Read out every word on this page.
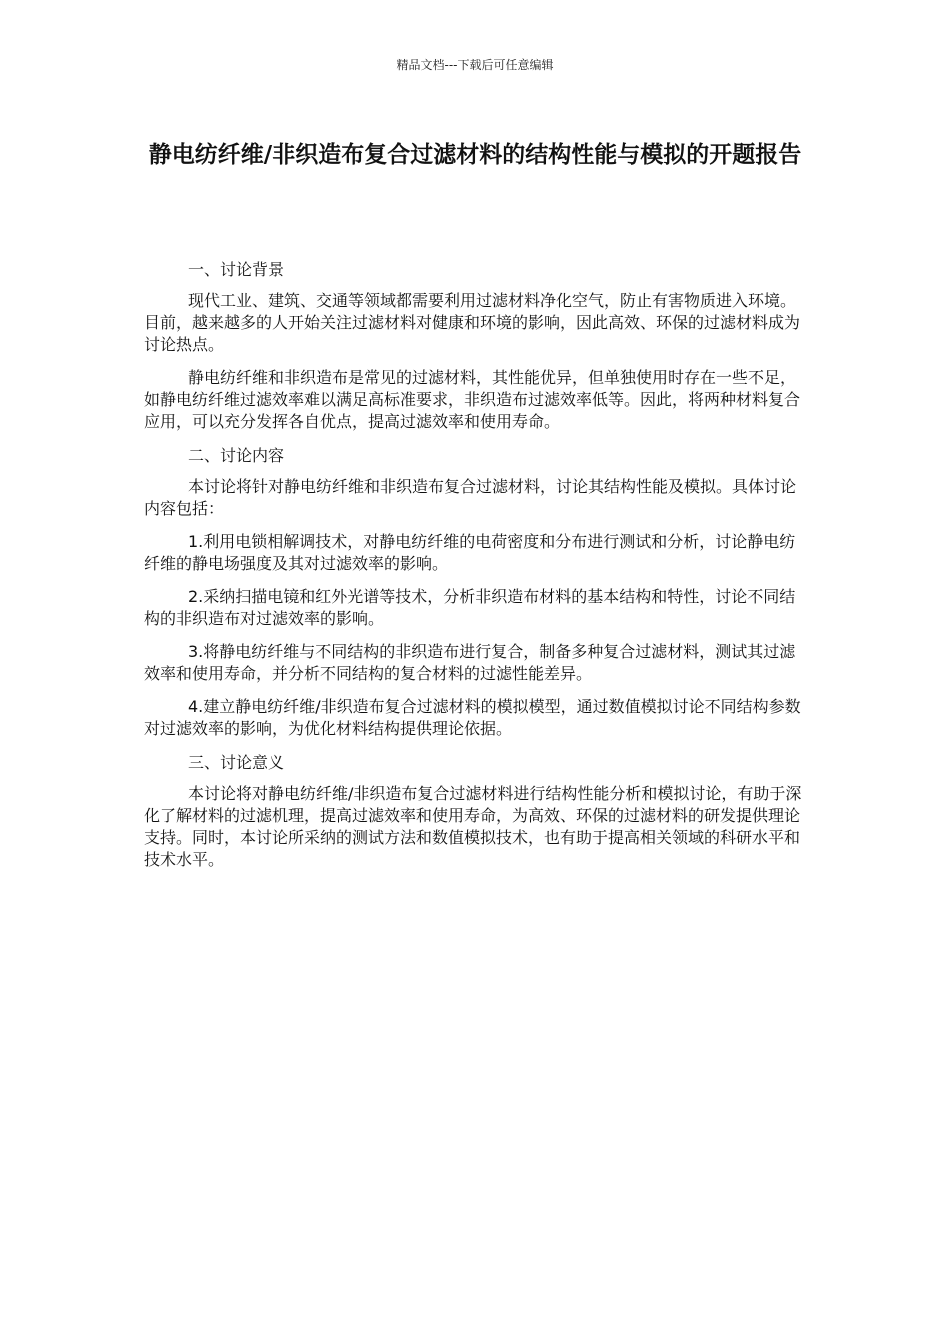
精品文档---下载后可任意编辑
静电纺纤维/非织造布复合过滤材料的结构性能与模拟的开题报告

一、讨论背景

现代工业、建筑、交通等领域都需要利用过滤材料净化空气，防止有害物质进入环境。目前，越来越多的人开始关注过滤材料对健康和环境的影响，因此高效、环保的过滤材料成为讨论热点。

静电纺纤维和非织造布是常见的过滤材料，其性能优异，但单独使用时存在一些不足，如静电纺纤维过滤效率难以满足高标准要求，非织造布过滤效率低等。因此，将两种材料复合应用，可以充分发挥各自优点，提高过滤效率和使用寿命。

二、讨论内容

本讨论将针对静电纺纤维和非织造布复合过滤材料，讨论其结构性能及模拟。具体讨论内容包括：

1.利用电锁相解调技术，对静电纺纤维的电荷密度和分布进行测试和分析，讨论静电纺纤维的静电场强度及其对过滤效率的影响。

2.采纳扫描电镜和红外光谱等技术，分析非织造布材料的基本结构和特性，讨论不同结构的非织造布对过滤效率的影响。

3.将静电纺纤维与不同结构的非织造布进行复合，制备多种复合过滤材料，测试其过滤效率和使用寿命，并分析不同结构的复合材料的过滤性能差异。

4.建立静电纺纤维/非织造布复合过滤材料的模拟模型，通过数值模拟讨论不同结构参数对过滤效率的影响，为优化材料结构提供理论依据。

三、讨论意义

本讨论将对静电纺纤维/非织造布复合过滤材料进行结构性能分析和模拟讨论，有助于深化了解材料的过滤机理，提高过滤效率和使用寿命，为高效、环保的过滤材料的研发提供理论支持。同时，本讨论所采纳的测试方法和数值模拟技术，也有助于提高相关领域的科研水平和技术水平。
